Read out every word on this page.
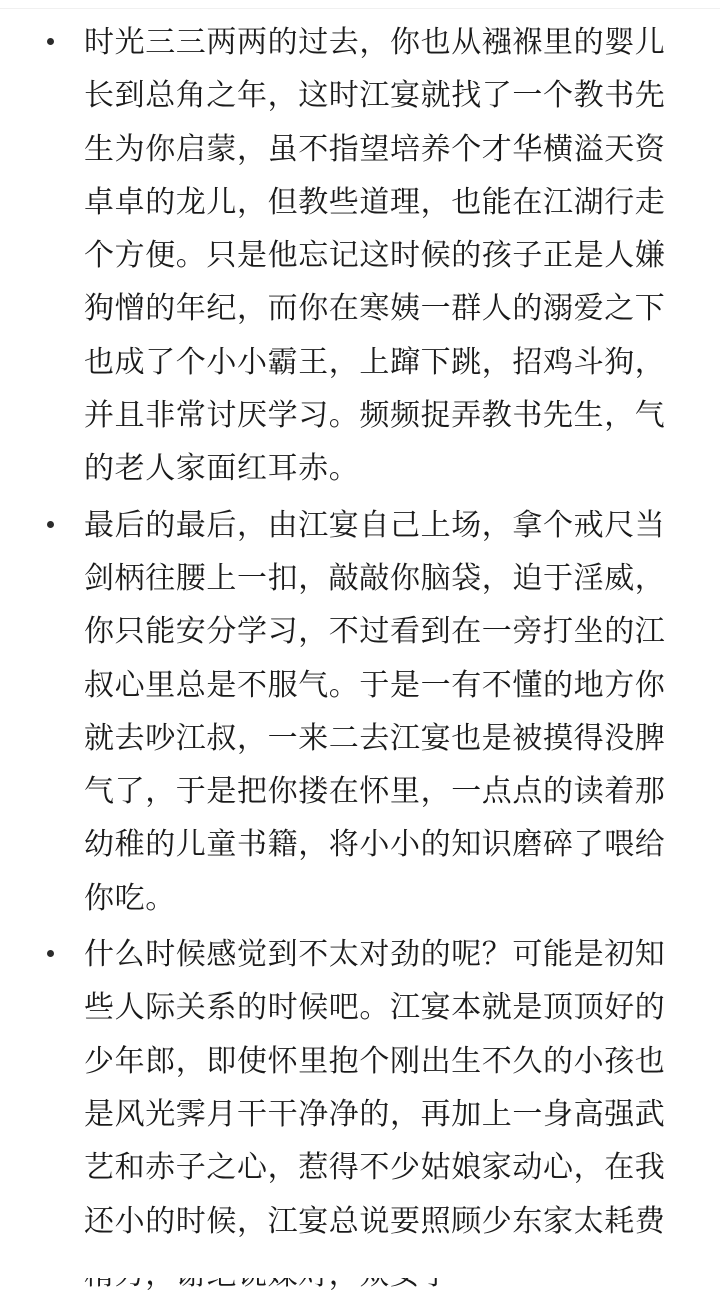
时光三三两两的过去，你也从襁褓里的婴儿长到总角之年，这时江宴就找了一个教书先生为你启蒙，虽不指望培养个才华横溢天资卓卓的龙儿，但教些道理，也能在江湖行走个方便。只是他忘记这时候的孩子正是人嫌狗憎的年纪，而你在寒姨一群人的溺爱之下也成了个小小霸王，上蹿下跳，招鸡斗狗，并且非常讨厌学习。频频捉弄教书先生，气的老人家面红耳赤。
最后的最后，由江宴自己上场，拿个戒尺当剑柄往腰上一扣，敲敲你脑袋，迫于淫威，你只能安分学习，不过看到在一旁打坐的江叔心里总是不服气。于是一有不懂的地方你就去吵江叔，一来二去江宴也是被摸得没脾气了，于是把你搂在怀里，一点点的读着那幼稚的儿童书籍，将小小的知识磨碎了喂给你吃。
什么时候感觉到不太对劲的呢？可能是初知些人际关系的时候吧。江宴本就是顶顶好的少年郎，即使怀里抱个刚出生不久的小孩也是风光霁月干干净净的，再加上一身高强武艺和赤子之心，惹得不少姑娘家动心，在我还小的时候，江宴总说要照顾少东家太耗费
